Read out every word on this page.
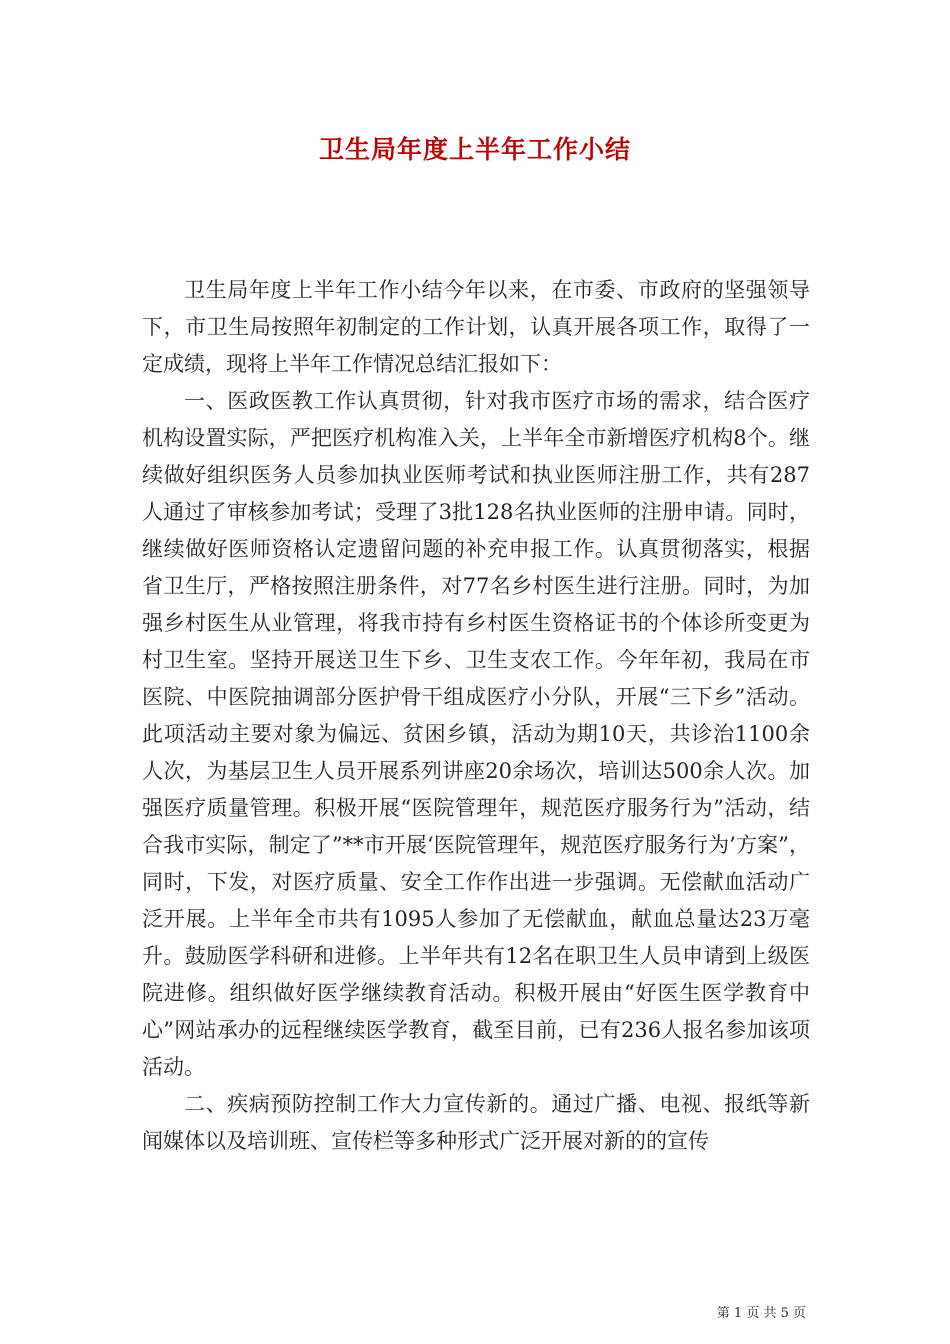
卫生局年度上半年工作小结

卫生局年度上半年工作小结今年以来，在市委、市政府的坚强领导下，市卫生局按照年初制定的工作计划，认真开展各项工作，取得了一定成绩，现将上半年工作情况总结汇报如下：

一、医政医教工作认真贯彻，针对我市医疗市场的需求，结合医疗机构设置实际，严把医疗机构准入关，上半年全市新增医疗机构8个。继续做好组织医务人员参加执业医师考试和执业医师注册工作，共有287人通过了审核参加考试；受理了3批128名执业医师的注册申请。同时，继续做好医师资格认定遗留问题的补充申报工作。认真贯彻落实，根据省卫生厅，严格按照注册条件，对77名乡村医生进行注册。同时，为加强乡村医生从业管理，将我市持有乡村医生资格证书的个体诊所变更为村卫生室。坚持开展送卫生下乡、卫生支农工作。今年年初，我局在市医院、中医院抽调部分医护骨干组成医疗小分队，开展“三下乡”活动。此项活动主要对象为偏远、贫困乡镇，活动为期10天，共诊治1100余人次，为基层卫生人员开展系列讲座20余场次，培训达500余人次。加强医疗质量管理。积极开展“医院管理年，规范医疗服务行为”活动，结合我市实际，制定了”**市开展‘医院管理年，规范医疗服务行为’方案”，同时，下发，对医疗质量、安全工作作出进一步强调。无偿献血活动广泛开展。上半年全市共有1095人参加了无偿献血，献血总量达23万毫升。鼓励医学科研和进修。上半年共有12名在职卫生人员申请到上级医院进修。组织做好医学继续教育活动。积极开展由“好医生医学教育中心”网站承办的远程继续医学教育，截至目前，已有236人报名参加该项活动。

二、疾病预防控制工作大力宣传新的。通过广播、电视、报纸等新闻媒体以及培训班、宣传栏等多种形式广泛开展对新的的宣传

第 1 页 共 5 页
